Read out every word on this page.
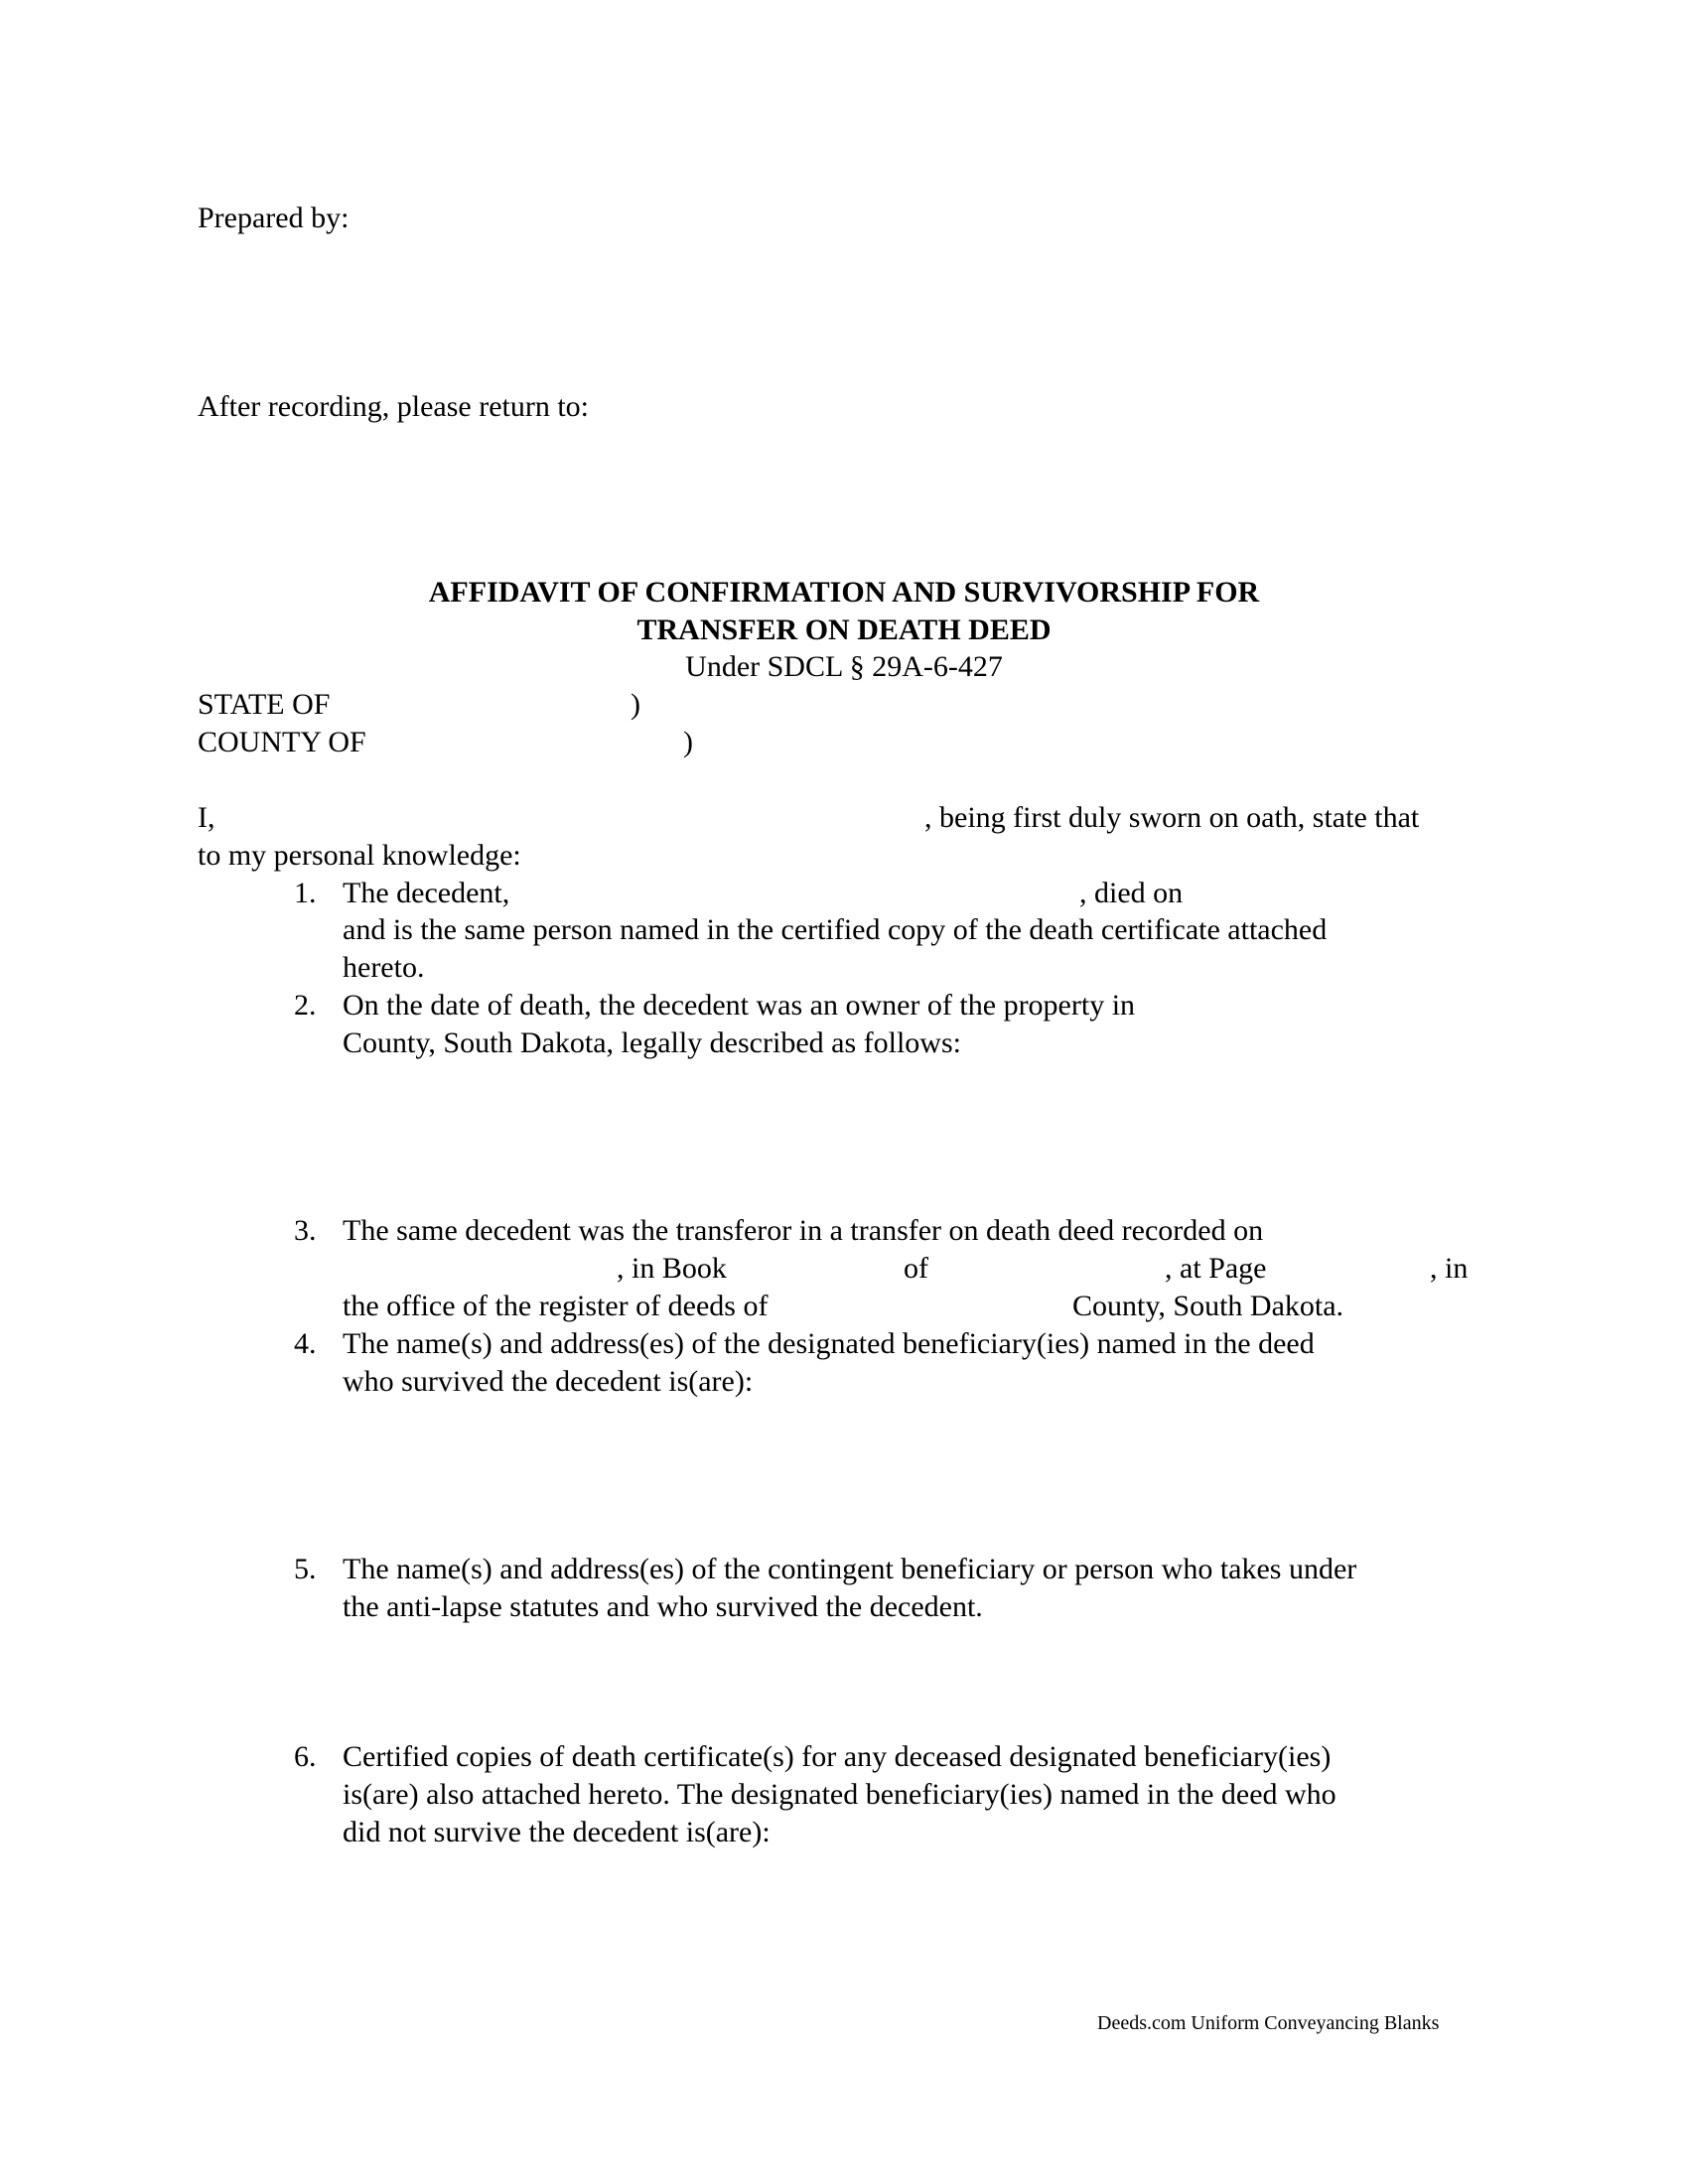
Prepared by:
After recording, please return to:
AFFIDAVIT OF CONFIRMATION AND SURVIVORSHIP FOR
TRANSFER ON DEATH DEED
Under SDCL § 29A-6-427
STATE OF	)
COUNTY OF	)
I,	, being first duly sworn on oath, state that
to my personal knowledge:
1. The decedent,	, died on
and is the same person named in the certified copy of the death certificate attached
hereto.
2. On the date of death, the decedent was an owner of the property in
County, South Dakota, legally described as follows:
3. The same decedent was the transferor in a transfer on death deed recorded on
, in Book	of	, at Page	, in
the office of the register of deeds of	County, South Dakota.
4. The name(s) and address(es) of the designated beneficiary(ies) named in the deed
who survived the decedent is(are):
5. The name(s) and address(es) of the contingent beneficiary or person who takes under
the anti-lapse statutes and who survived the decedent.
6. Certified copies of death certificate(s) for any deceased designated beneficiary(ies)
is(are) also attached hereto. The designated beneficiary(ies) named in the deed who
did not survive the decedent is(are):
Deeds.com Uniform Conveyancing Blanks
